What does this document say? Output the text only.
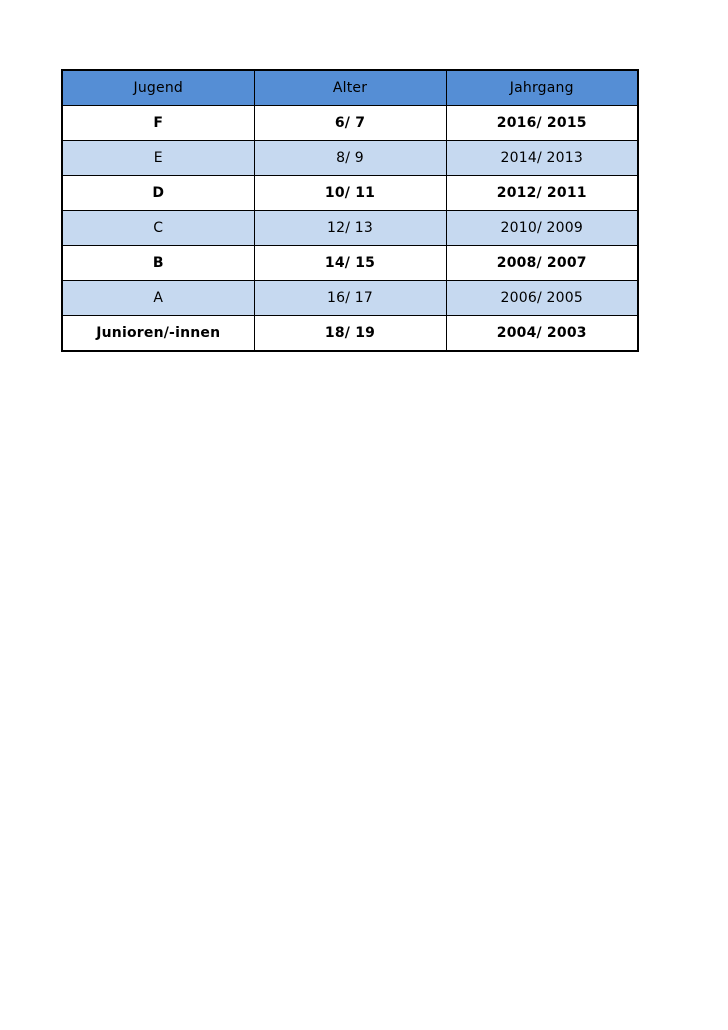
Jugend	Alter	Jahrgang
F	6/ 7	2016/ 2015
E	8/ 9	2014/ 2013
D	10/ 11	2012/ 2011
C	12/ 13	2010/ 2009
B	14/ 15	2008/ 2007
A	16/ 17	2006/ 2005
Junioren/-innen	18/ 19	2004/ 2003
